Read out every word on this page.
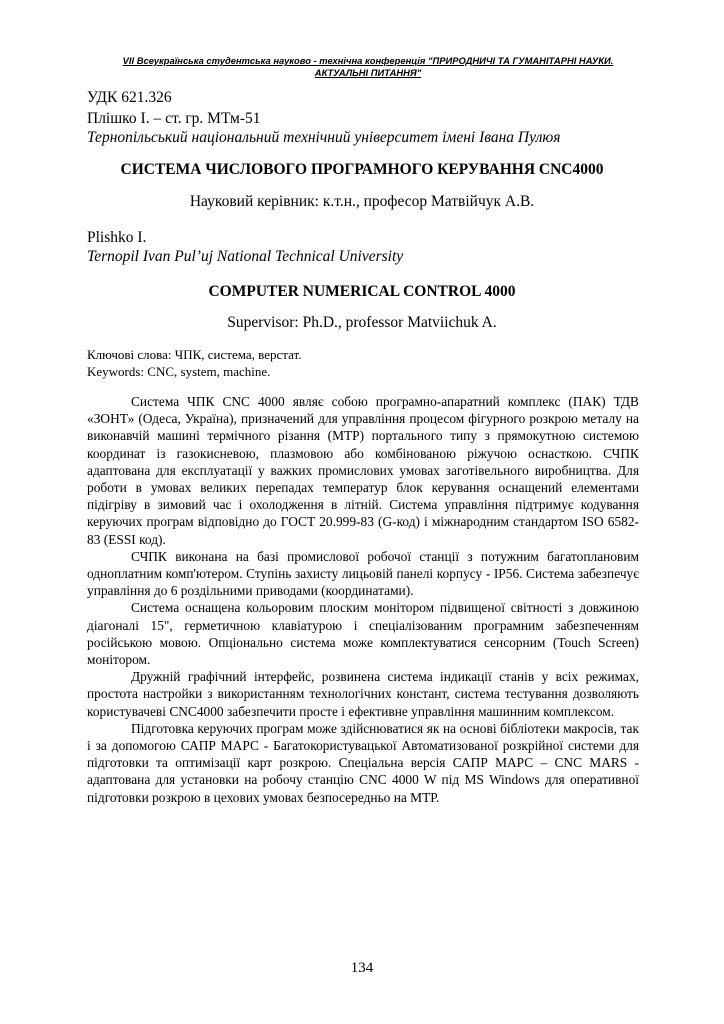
VII Всеукраїнська студентська науково - технічна конференція "ПРИРОДНИЧІ ТА ГУМАНІТАРНІ НАУКИ.
АКТУАЛЬНІ ПИТАННЯ"
УДК 621.326
Плішко І. – ст. гр. МТм-51
Тернопільський національний технічний університет імені Івана Пулюя
СИСТЕМА ЧИСЛОВОГО ПРОГРАМНОГО КЕРУВАННЯ CNC4000
Науковий керівник: к.т.н., професор Матвійчук А.В.
Plishko I.
Ternopil Ivan Pul’uj National Technical University
COMPUTER NUMERICAL CONTROL 4000
Supervisor: Ph.D., professor Matviichuk A.
Ключові слова: ЧПК, система, верстат.
Keywords: CNC, system, machine.

Система ЧПК CNC 4000 являє собою програмно-апаратний комплекс (ПАК) ТДВ «ЗОНТ» (Одеса, Україна), призначений для управління процесом фігурного розкрою металу на виконавчій машині термічного різання (МТР) портального типу з прямокутною системою координат із газокисневою, плазмовою або комбінованою ріжучою оснасткою. СЧПК адаптована для експлуатації у важких промислових умовах заготівельного виробництва. Для роботи в умовах великих перепадах температур блок керування оснащений елементами підігріву в зимовий час і охолодження в літній. Система управління підтримує кодування керуючих програм відповідно до ГОСТ 20.999-83 (G-код) і міжнародним стандартом ISO 6582-83 (ESSI код).

СЧПК виконана на базі промислової робочої станції з потужним багатоплановим одноплатним комп'ютером. Ступінь захисту лицьовій панелі корпусу - IP56. Система забезпечує управління до 6 роздільними приводами (координатами).

Система оснащена кольоровим плоским монітором підвищеної світності з довжиною діагоналі 15", герметичною клавіатурою і спеціалізованим програмним забезпеченням російською мовою. Опціонально система може комплектуватися сенсорним (Touch Screen) монітором.

Дружній графічний інтерфейс, розвинена система індикації станів у всіх режимах, простота настройки з використанням технологічних констант, система тестування дозволяють користувачеві CNC4000 забезпечити просте і ефективне управління машинним комплексом.

Підготовка керуючих програм може здійснюватися як на основі бібліотеки макросів, так і за допомогою САПР МАРС - Багатокористувацької Автоматизованої розкрійної системи для підготовки та оптимізації карт розкрою. Спеціальна версія САПР МАРС – CNC MARS - адаптована для установки на робочу станцію CNC 4000 W під MS Windows для оперативної підготовки розкрою в цехових умовах безпосередньо на МТР.

134
